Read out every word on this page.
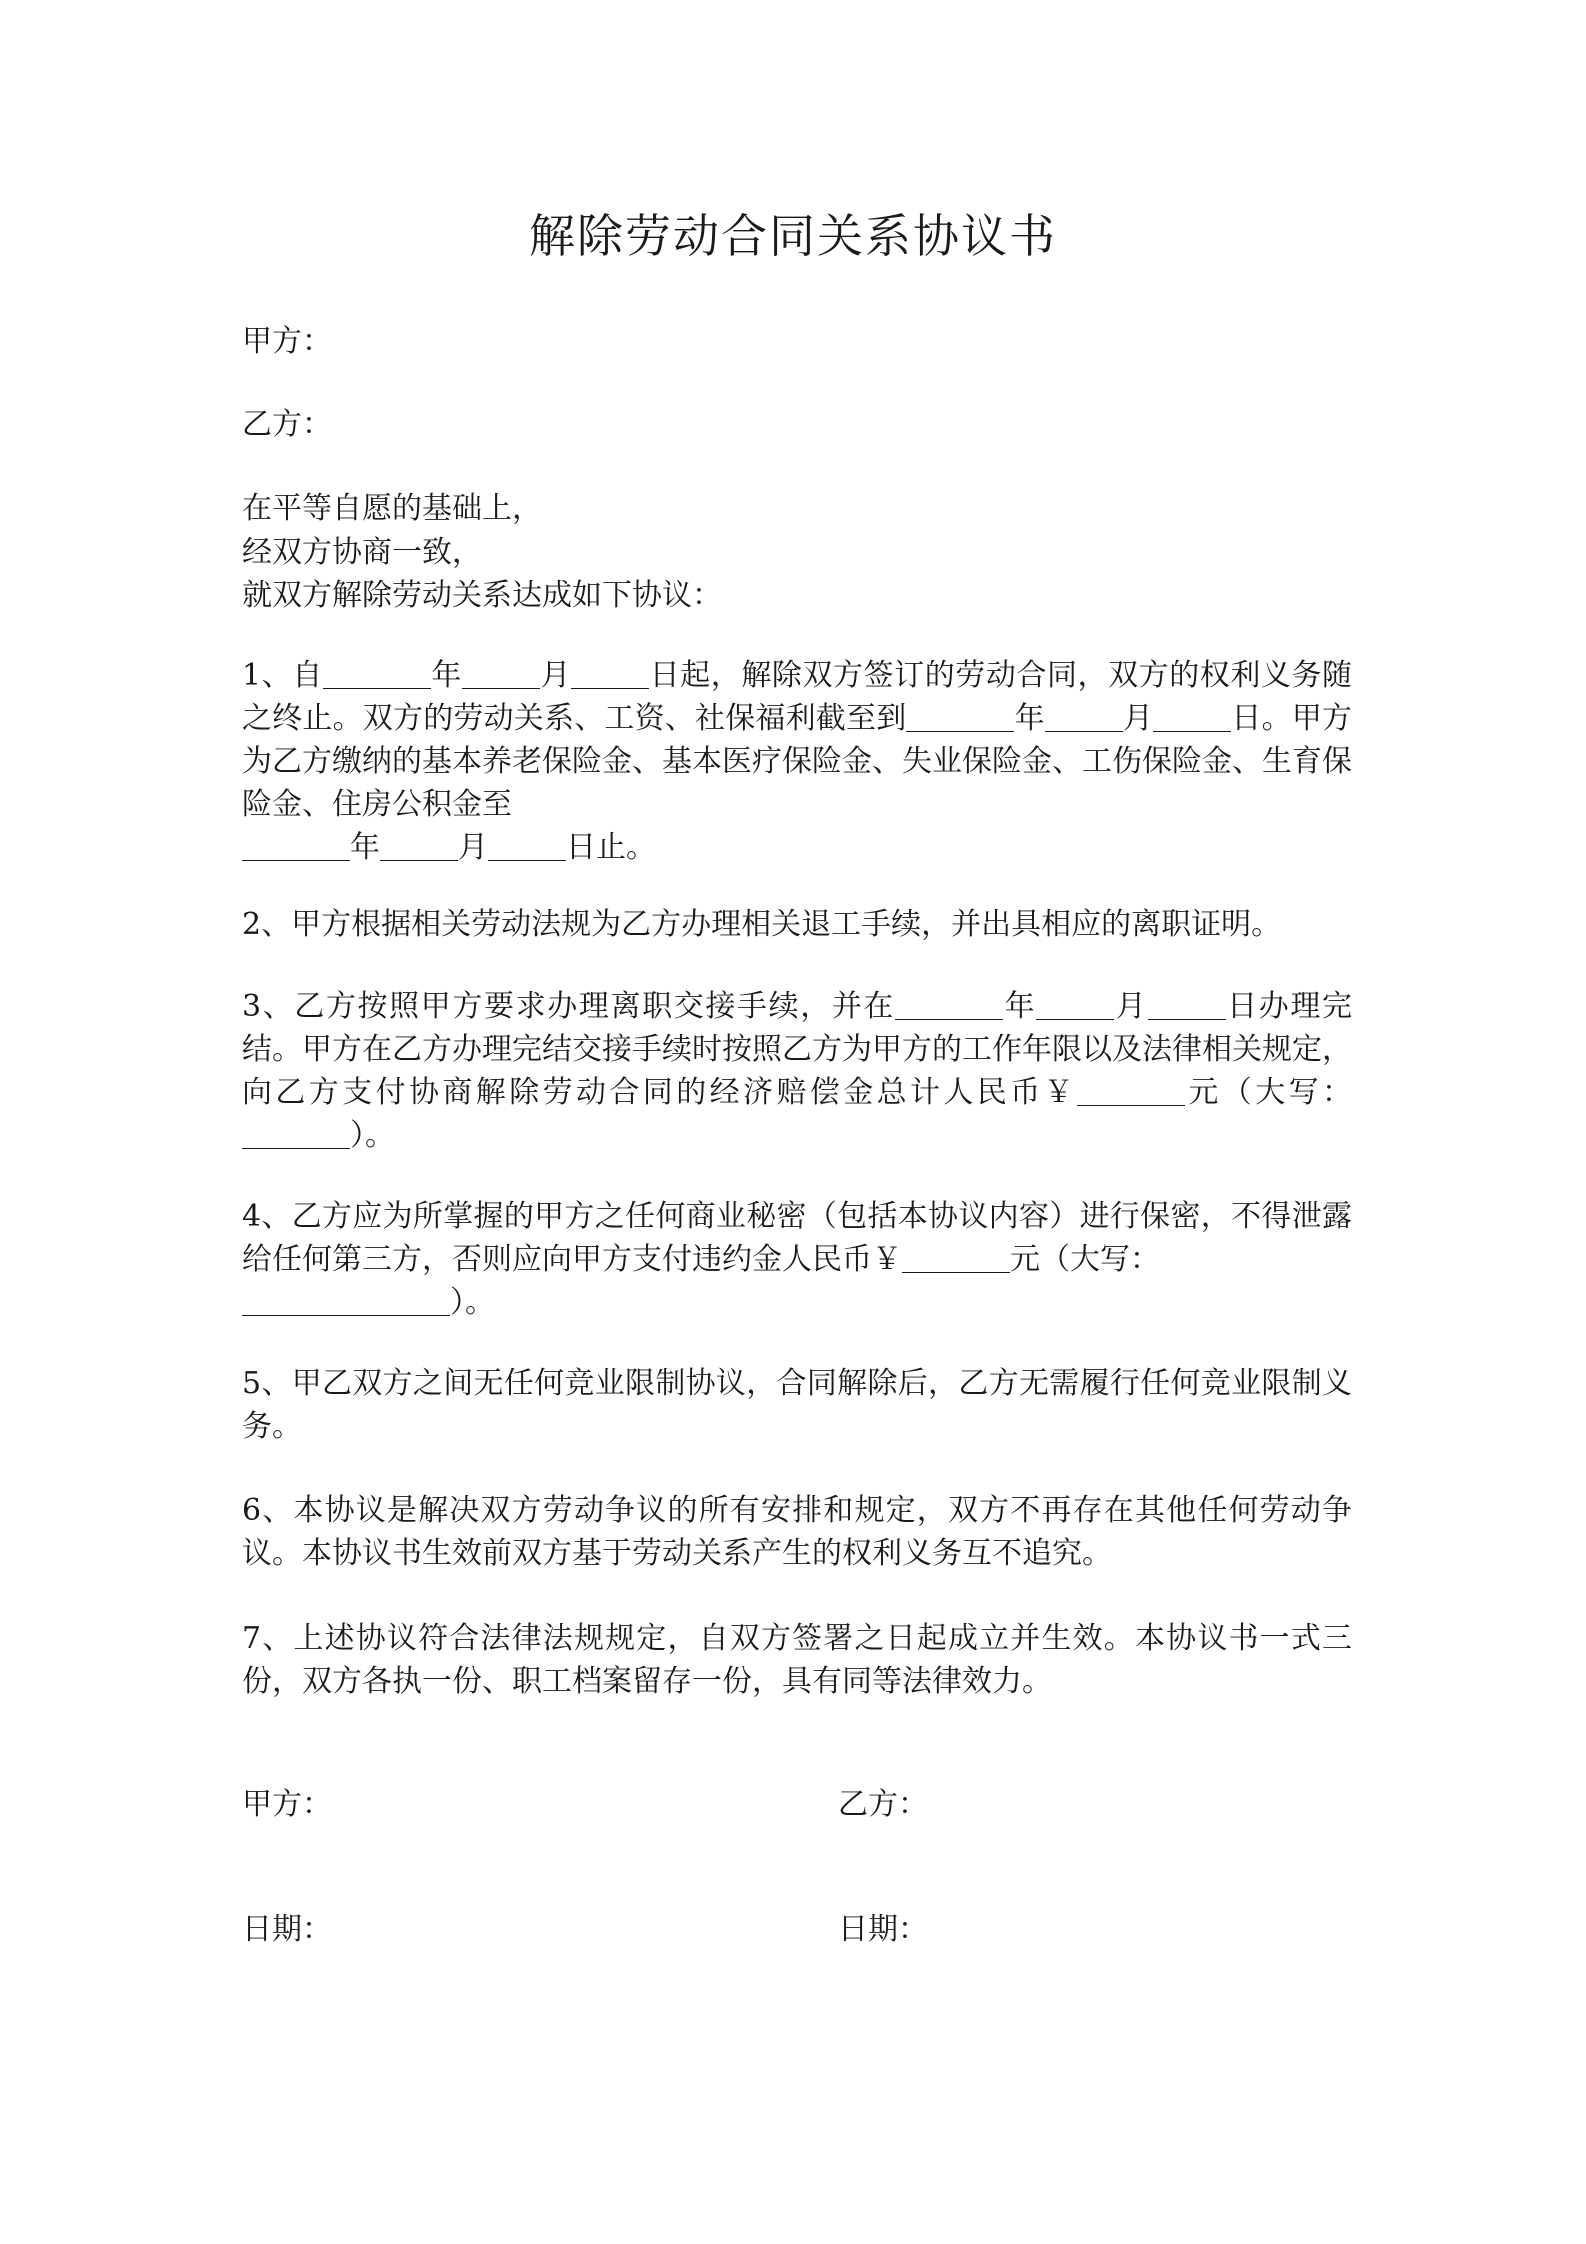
解除劳动合同关系协议书
甲方：
乙方：
在平等自愿的基础上，
经双方协商一致，
就双方解除劳动关系达成如下协议：
1、自	年	月	日起，解除双方签订的劳动合同，双方的权利义务随之终止。双方的劳动关系、工资、社保福利截至到	年	月	日。甲方为乙方缴纳的基本养老保险金、基本医疗保险金、失业保险金、工伤保险金、生育保险金、住房公积金至
年	月	日止。
2、甲方根据相关劳动法规为乙方办理相关退工手续，并出具相应的离职证明。
3、乙方按照甲方要求办理离职交接手续，并在	年	月	日办理完结。甲方在乙方办理完结交接手续时按照乙方为甲方的工作年限以及法律相关规定，向乙方支付协商解除劳动合同的经济赔偿金总计人民币￥	元（大写：）。
4、乙方应为所掌握的甲方之任何商业秘密（包括本协议内容）进行保密，不得泄露给任何第三方，否则应向甲方支付违约金人民币￥	元（大写：
）。
5、甲乙双方之间无任何竞业限制协议，合同解除后，乙方无需履行任何竞业限制义务。
6、本协议是解决双方劳动争议的所有安排和规定，双方不再存在其他任何劳动争议。本协议书生效前双方基于劳动关系产生的权利义务互不追究。
7、上述协议符合法律法规规定，自双方签署之日起成立并生效。本协议书一式三份，双方各执一份、职工档案留存一份，具有同等法律效力。
甲方：	乙方：
日期：	日期：
